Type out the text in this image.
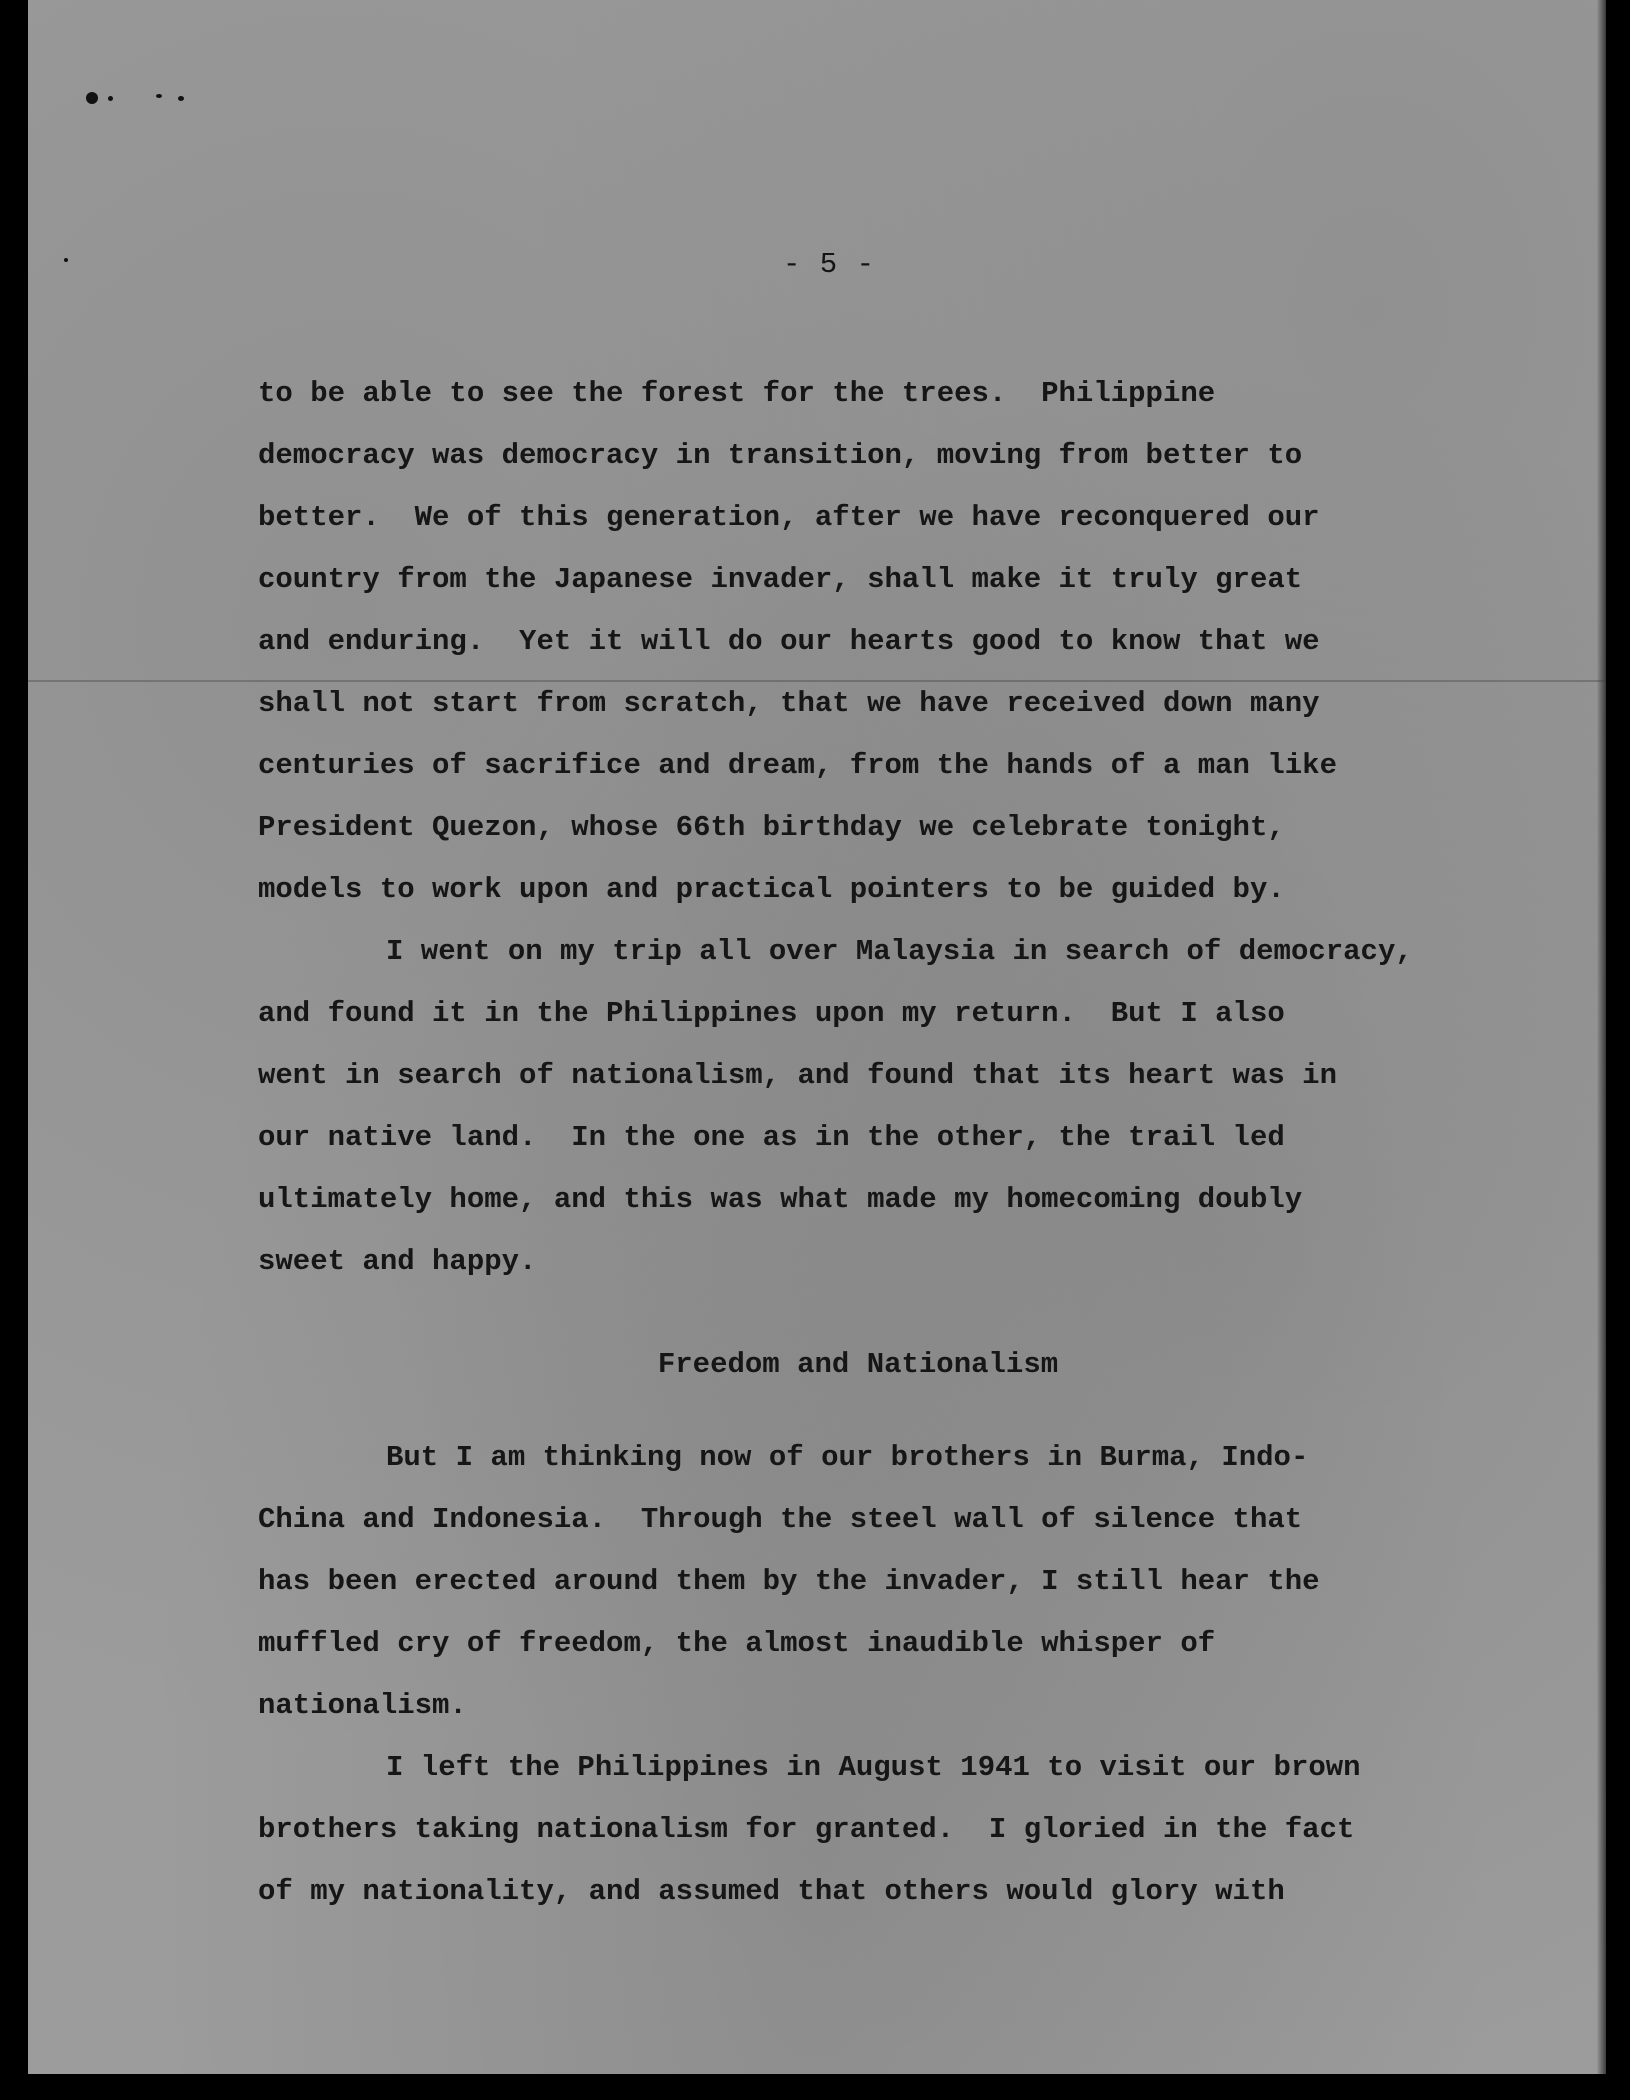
- 5 -

to be able to see the forest for the trees.  Philippine

democracy was democracy in transition, moving from better to

better.  We of this generation, after we have reconquered our

country from the Japanese invader, shall make it truly great

and enduring.  Yet it will do our hearts good to know that we

shall not start from scratch, that we have received down many

centuries of sacrifice and dream, from the hands of a man like

President Quezon, whose 66th birthday we celebrate tonight,

models to work upon and practical pointers to be guided by.

I went on my trip all over Malaysia in search of democracy,

and found it in the Philippines upon my return.  But I also

went in search of nationalism, and found that its heart was in

our native land.  In the one as in the other, the trail led

ultimately home, and this was what made my homecoming doubly

sweet and happy.

Freedom and Nationalism

But I am thinking now of our brothers in Burma, Indo-

China and Indonesia.  Through the steel wall of silence that

has been erected around them by the invader, I still hear the

muffled cry of freedom, the almost inaudible whisper of

nationalism.

I left the Philippines in August 1941 to visit our brown

brothers taking nationalism for granted.  I gloried in the fact

of my nationality, and assumed that others would glory with
